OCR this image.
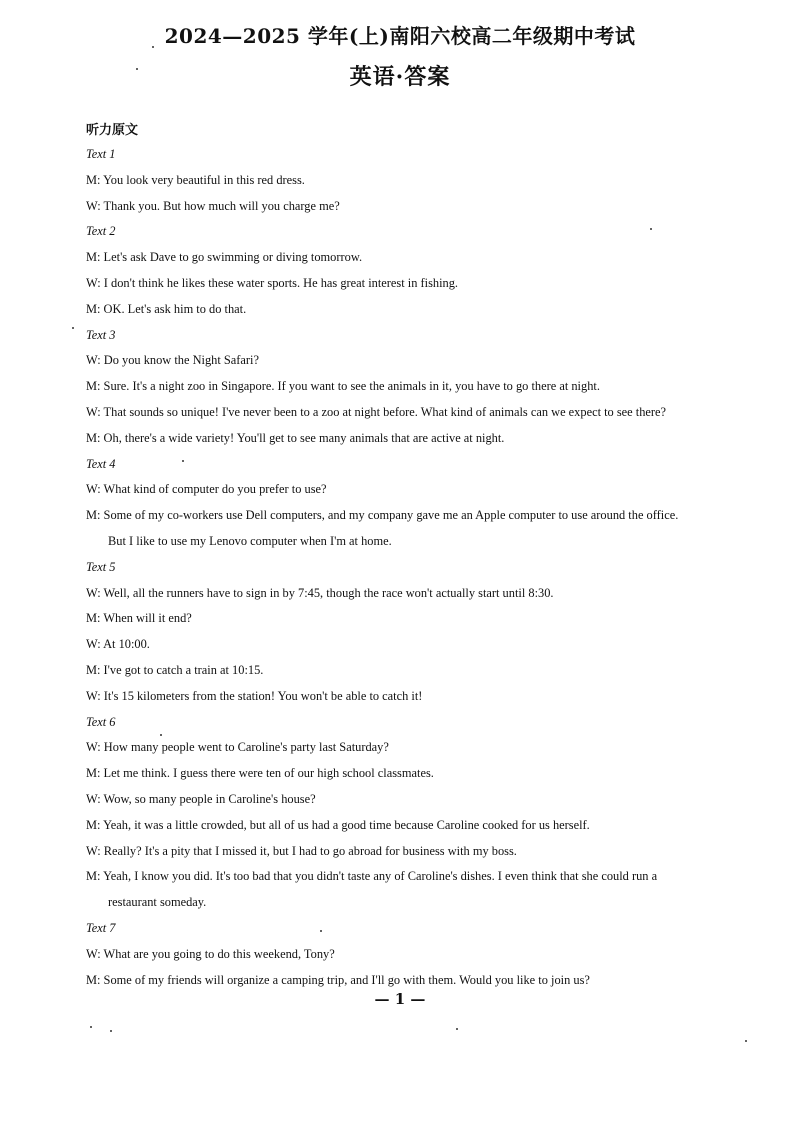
2024—2025 学年(上)南阳六校高二年级期中考试
英语·答案
听力原文
Text 1
M: You look very beautiful in this red dress.
W: Thank you. But how much will you charge me?
Text 2
M: Let's ask Dave to go swimming or diving tomorrow.
W: I don't think he likes these water sports. He has great interest in fishing.
M: OK. Let's ask him to do that.
Text 3
W: Do you know the Night Safari?
M: Sure. It's a night zoo in Singapore. If you want to see the animals in it, you have to go there at night.
W: That sounds so unique! I've never been to a zoo at night before. What kind of animals can we expect to see there?
M: Oh, there's a wide variety! You'll get to see many animals that are active at night.
Text 4
W: What kind of computer do you prefer to use?
M: Some of my co-workers use Dell computers, and my company gave me an Apple computer to use around the office.
But I like to use my Lenovo computer when I'm at home.
Text 5
W: Well, all the runners have to sign in by 7:45, though the race won't actually start until 8:30.
M: When will it end?
W: At 10:00.
M: I've got to catch a train at 10:15.
W: It's 15 kilometers from the station! You won't be able to catch it!
Text 6
W: How many people went to Caroline's party last Saturday?
M: Let me think. I guess there were ten of our high school classmates.
W: Wow, so many people in Caroline's house?
M: Yeah, it was a little crowded, but all of us had a good time because Caroline cooked for us herself.
W: Really? It's a pity that I missed it, but I had to go abroad for business with my boss.
M: Yeah, I know you did. It's too bad that you didn't taste any of Caroline's dishes. I even think that she could run a
restaurant someday.
Text 7
W: What are you going to do this weekend, Tony?
M: Some of my friends will organize a camping trip, and I'll go with them. Would you like to join us?
— 1 —
